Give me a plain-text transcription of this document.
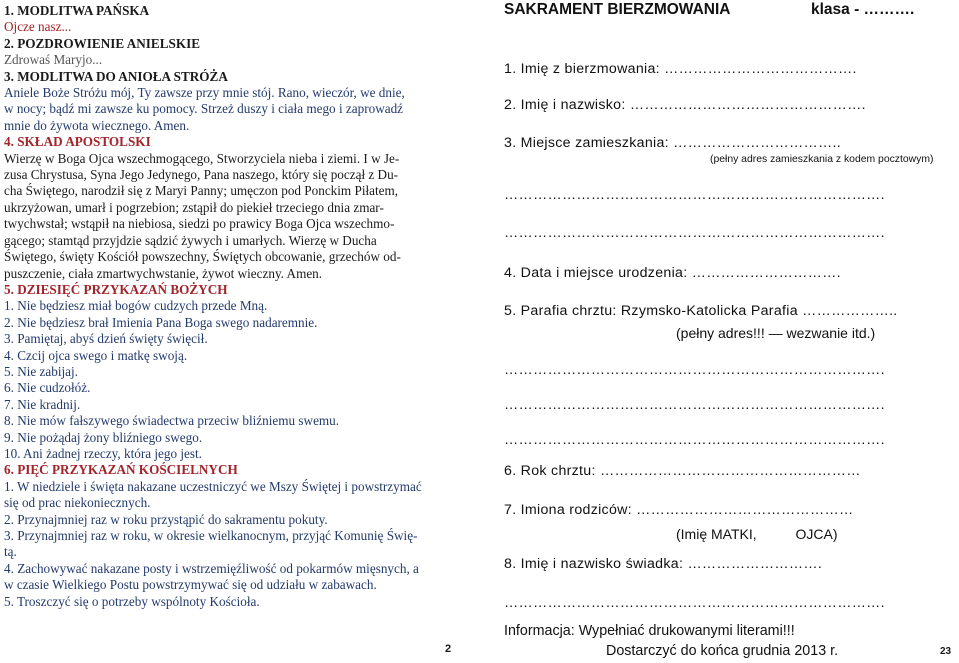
1. MODLITWA PAŃSKA

Ojcze nasz...

2. POZDROWIENIE ANIELSKIE

Zdrowaś Maryjo...

3. MODLITWA DO ANIOŁA STRÓŻA

Aniele Boże Stróżu mój, Ty zawsze przy mnie stój. Rano, wieczór, we dnie,

w nocy; bądź mi zawsze ku pomocy. Strzeż duszy i ciała mego i zaprowadź

mnie do żywota wiecznego. Amen.

4. SKŁAD APOSTOLSKI

Wierzę w Boga Ojca wszechmogącego, Stworzyciela nieba i ziemi. I w Je-

zusa Chrystusa, Syna Jego Jedynego, Pana naszego, który się począł z Du-

cha Świętego, narodził się z Maryi Panny; umęczon pod Ponckim Piłatem,

ukrzyżowan, umarł i pogrzebion; zstąpił do piekieł trzeciego dnia zmar-

twychwstał; wstąpił na niebiosa, siedzi po prawicy Boga Ojca wszechmo-

gącego; stamtąd przyjdzie sądzić żywych i umarłych. Wierzę w Ducha

Świętego, święty Kościół powszechny, Świętych obcowanie, grzechów od-

puszczenie, ciała zmartwychwstanie, żywot wieczny. Amen.

5. DZIESIĘĆ PRZYKAZAŃ BOŻYCH

1. Nie będziesz miał bogów cudzych przede Mną.

2. Nie będziesz brał Imienia Pana Boga swego nadaremnie.

3. Pamiętaj, abyś dzień święty święcił.

4. Czcij ojca swego i matkę swoją.

5. Nie zabijaj.

6. Nie cudzołóż.

7. Nie kradnij.

8. Nie mów fałszywego świadectwa przeciw bliźniemu swemu.

9. Nie pożądaj żony bliźniego swego.

10. Ani żadnej rzeczy, która jego jest.

6. PIĘĆ PRZYKAZAŃ KOŚCIELNYCH

1. W niedziele i święta nakazane uczestniczyć we Mszy Świętej i powstrzymać

się od prac niekoniecznych.

2. Przynajmniej raz w roku przystąpić do sakramentu pokuty.

3. Przynajmniej raz w roku, w okresie wielkanocnym, przyjąć Komunię Świę-

tą.

4. Zachowywać nakazane posty i wstrzemięźliwość od pokarmów mięsnych, a

w czasie Wielkiego Postu powstrzymywać się od udziału w zabawach.

5. Troszczyć się o potrzeby wspólnoty Kościoła.

SAKRAMENT BIERZMOWANIA	klasa - ……….
1. Imię z bierzmowania: ………………………………….
2. Imię i nazwisko: ………………………………………….
3. Miejsce zamieszkania: ……………………………..
(pełny adres zamieszkania z kodem pocztowym)
…………………………………………………………………….
…………………………………………………………………….
4. Data i miejsce urodzenia: ………………………….
5. Parafia chrztu: Rzymsko-Katolicka Parafia ………………..
(pełny adres!!! — wezwanie itd.)
…………………………………………………………………….
…………………………………………………………………….
…………………………………………………………………….
6. Rok chrztu: ………………………………………………
7. Imiona rodziców: ………………………………………
(Imię MATKI,          OJCA)
8. Imię i nazwisko świadka: ……………………….
…………………………………………………………………….
Informacja: Wypełniać drukowanymi literami!!!
Dostarczyć do końca grudnia 2013 r.
2	23
